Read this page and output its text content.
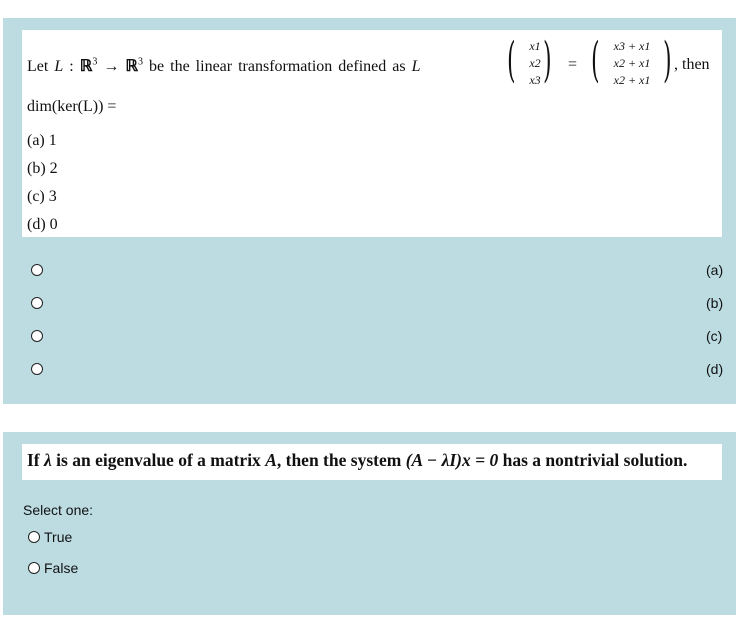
Let L : ℝ$^3$ → ℝ$^3$ be the linear transformation defined as L (	x1
x2
x3 ) = (	x3 + x1
x2 + x1
x2 + x1 ) , then
dim(ker(L)) =
(a) 1
(b) 2
(c) 3
(d) 0
(a)
(b)
(c)
(d)
If λ is an eigenvalue of a matrix A, then the system (A − λI)x = 0 has a nontrivial solution.
Select one:
True
False
